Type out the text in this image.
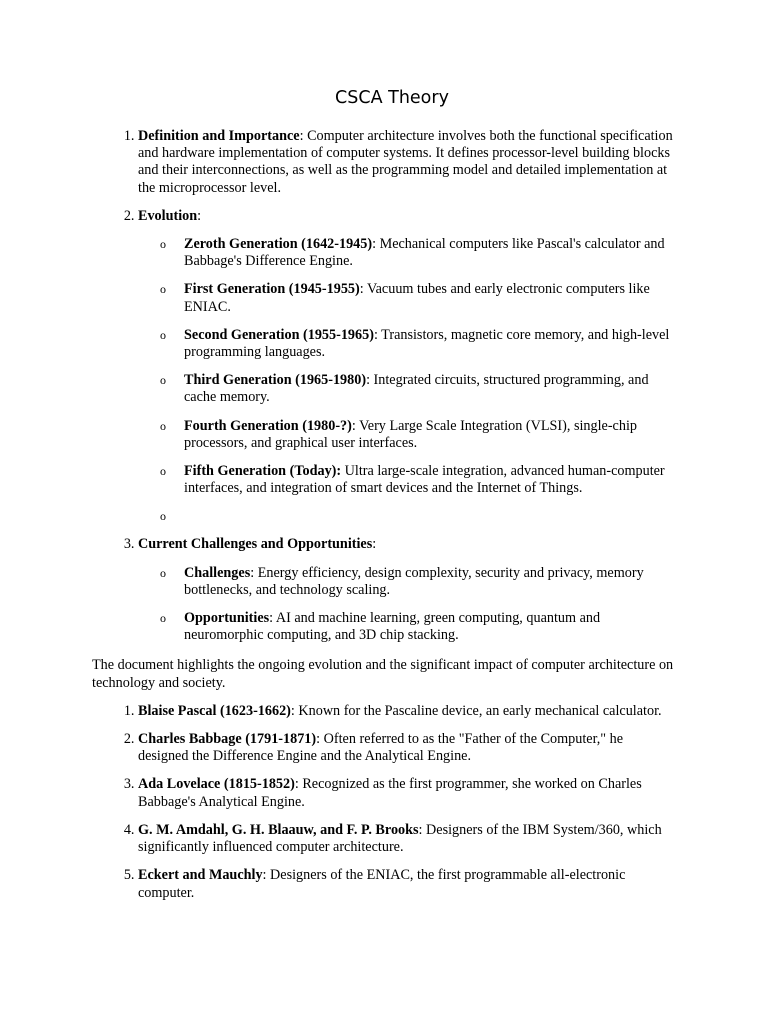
CSCA Theory
1. Definition and Importance: Computer architecture involves both the functional specification and hardware implementation of computer systems. It defines processor-level building blocks and their interconnections, as well as the programming model and detailed implementation at the microprocessor level.
2. Evolution:
o Zeroth Generation (1642-1945): Mechanical computers like Pascal's calculator and Babbage's Difference Engine.
o First Generation (1945-1955): Vacuum tubes and early electronic computers like ENIAC.
o Second Generation (1955-1965): Transistors, magnetic core memory, and high-level programming languages.
o Third Generation (1965-1980): Integrated circuits, structured programming, and cache memory.
o Fourth Generation (1980-?): Very Large Scale Integration (VLSI), single-chip processors, and graphical user interfaces.
o Fifth Generation (Today): Ultra large-scale integration, advanced human-computer interfaces, and integration of smart devices and the Internet of Things.
o
3. Current Challenges and Opportunities:
o Challenges: Energy efficiency, design complexity, security and privacy, memory bottlenecks, and technology scaling.
o Opportunities: AI and machine learning, green computing, quantum and neuromorphic computing, and 3D chip stacking.

The document highlights the ongoing evolution and the significant impact of computer architecture on technology and society.

1. Blaise Pascal (1623-1662): Known for the Pascaline device, an early mechanical calculator.
2. Charles Babbage (1791-1871): Often referred to as the "Father of the Computer," he designed the Difference Engine and the Analytical Engine.
3. Ada Lovelace (1815-1852): Recognized as the first programmer, she worked on Charles Babbage's Analytical Engine.
4. G. M. Amdahl, G. H. Blaauw, and F. P. Brooks: Designers of the IBM System/360, which significantly influenced computer architecture.
5. Eckert and Mauchly: Designers of the ENIAC, the first programmable all-electronic computer.
